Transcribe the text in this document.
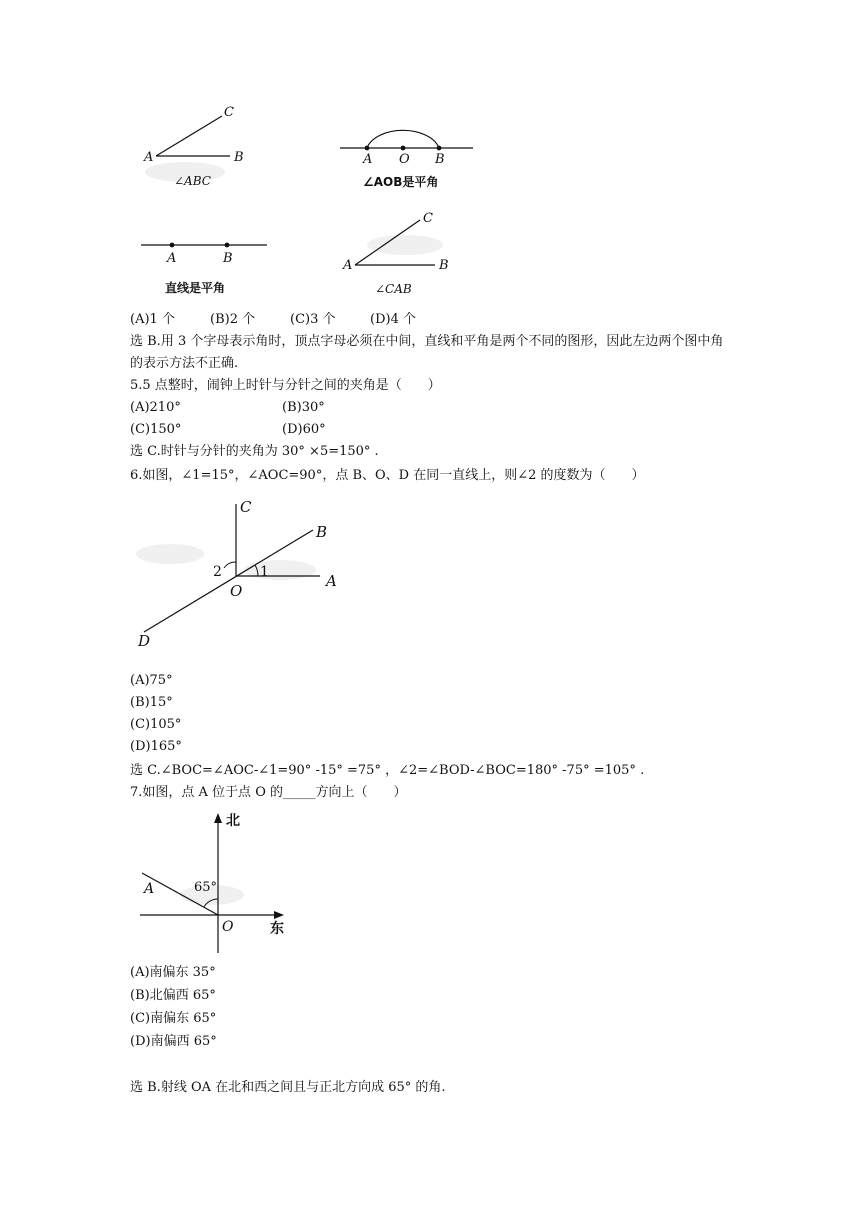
C
A	B
∠ABC
A O B
∠AOB是平角
A	B
直线是平角
C
A	B
∠CAB
(A)1 个	(B)2 个	(C)3 个	(D)4 个
选 B.用 3 个字母表示角时，顶点字母必须在中间，直线和平角是两个不同的图形，因此左边两个图中角的表示方法不正确.
5.5 点整时，闹钟上时针与分针之间的夹角是（　　）
(A)210°	(B)30°
(C)150°	(D)60°
选 C.时针与分针的夹角为 30° ×5=150° .
6.如图，∠1=15°，∠AOC=90°，点 B、O、D 在同一直线上，则∠2 的度数为（　　）
C
B
A
O
D
2	1
(A)75°
(B)15°
(C)105°
(D)165°
选 C.∠BOC=∠AOC-∠1=90° -15° =75° ，∠2=∠BOD-∠BOC=180° -75° =105° .
7.如图，点 A 位于点 O 的_____方向上（　　）
北
东
A
O
65°
(A)南偏东 35°
(B)北偏西 65°
(C)南偏东 65°
(D)南偏西 65°
选 B.射线 OA 在北和西之间且与正北方向成 65° 的角.
